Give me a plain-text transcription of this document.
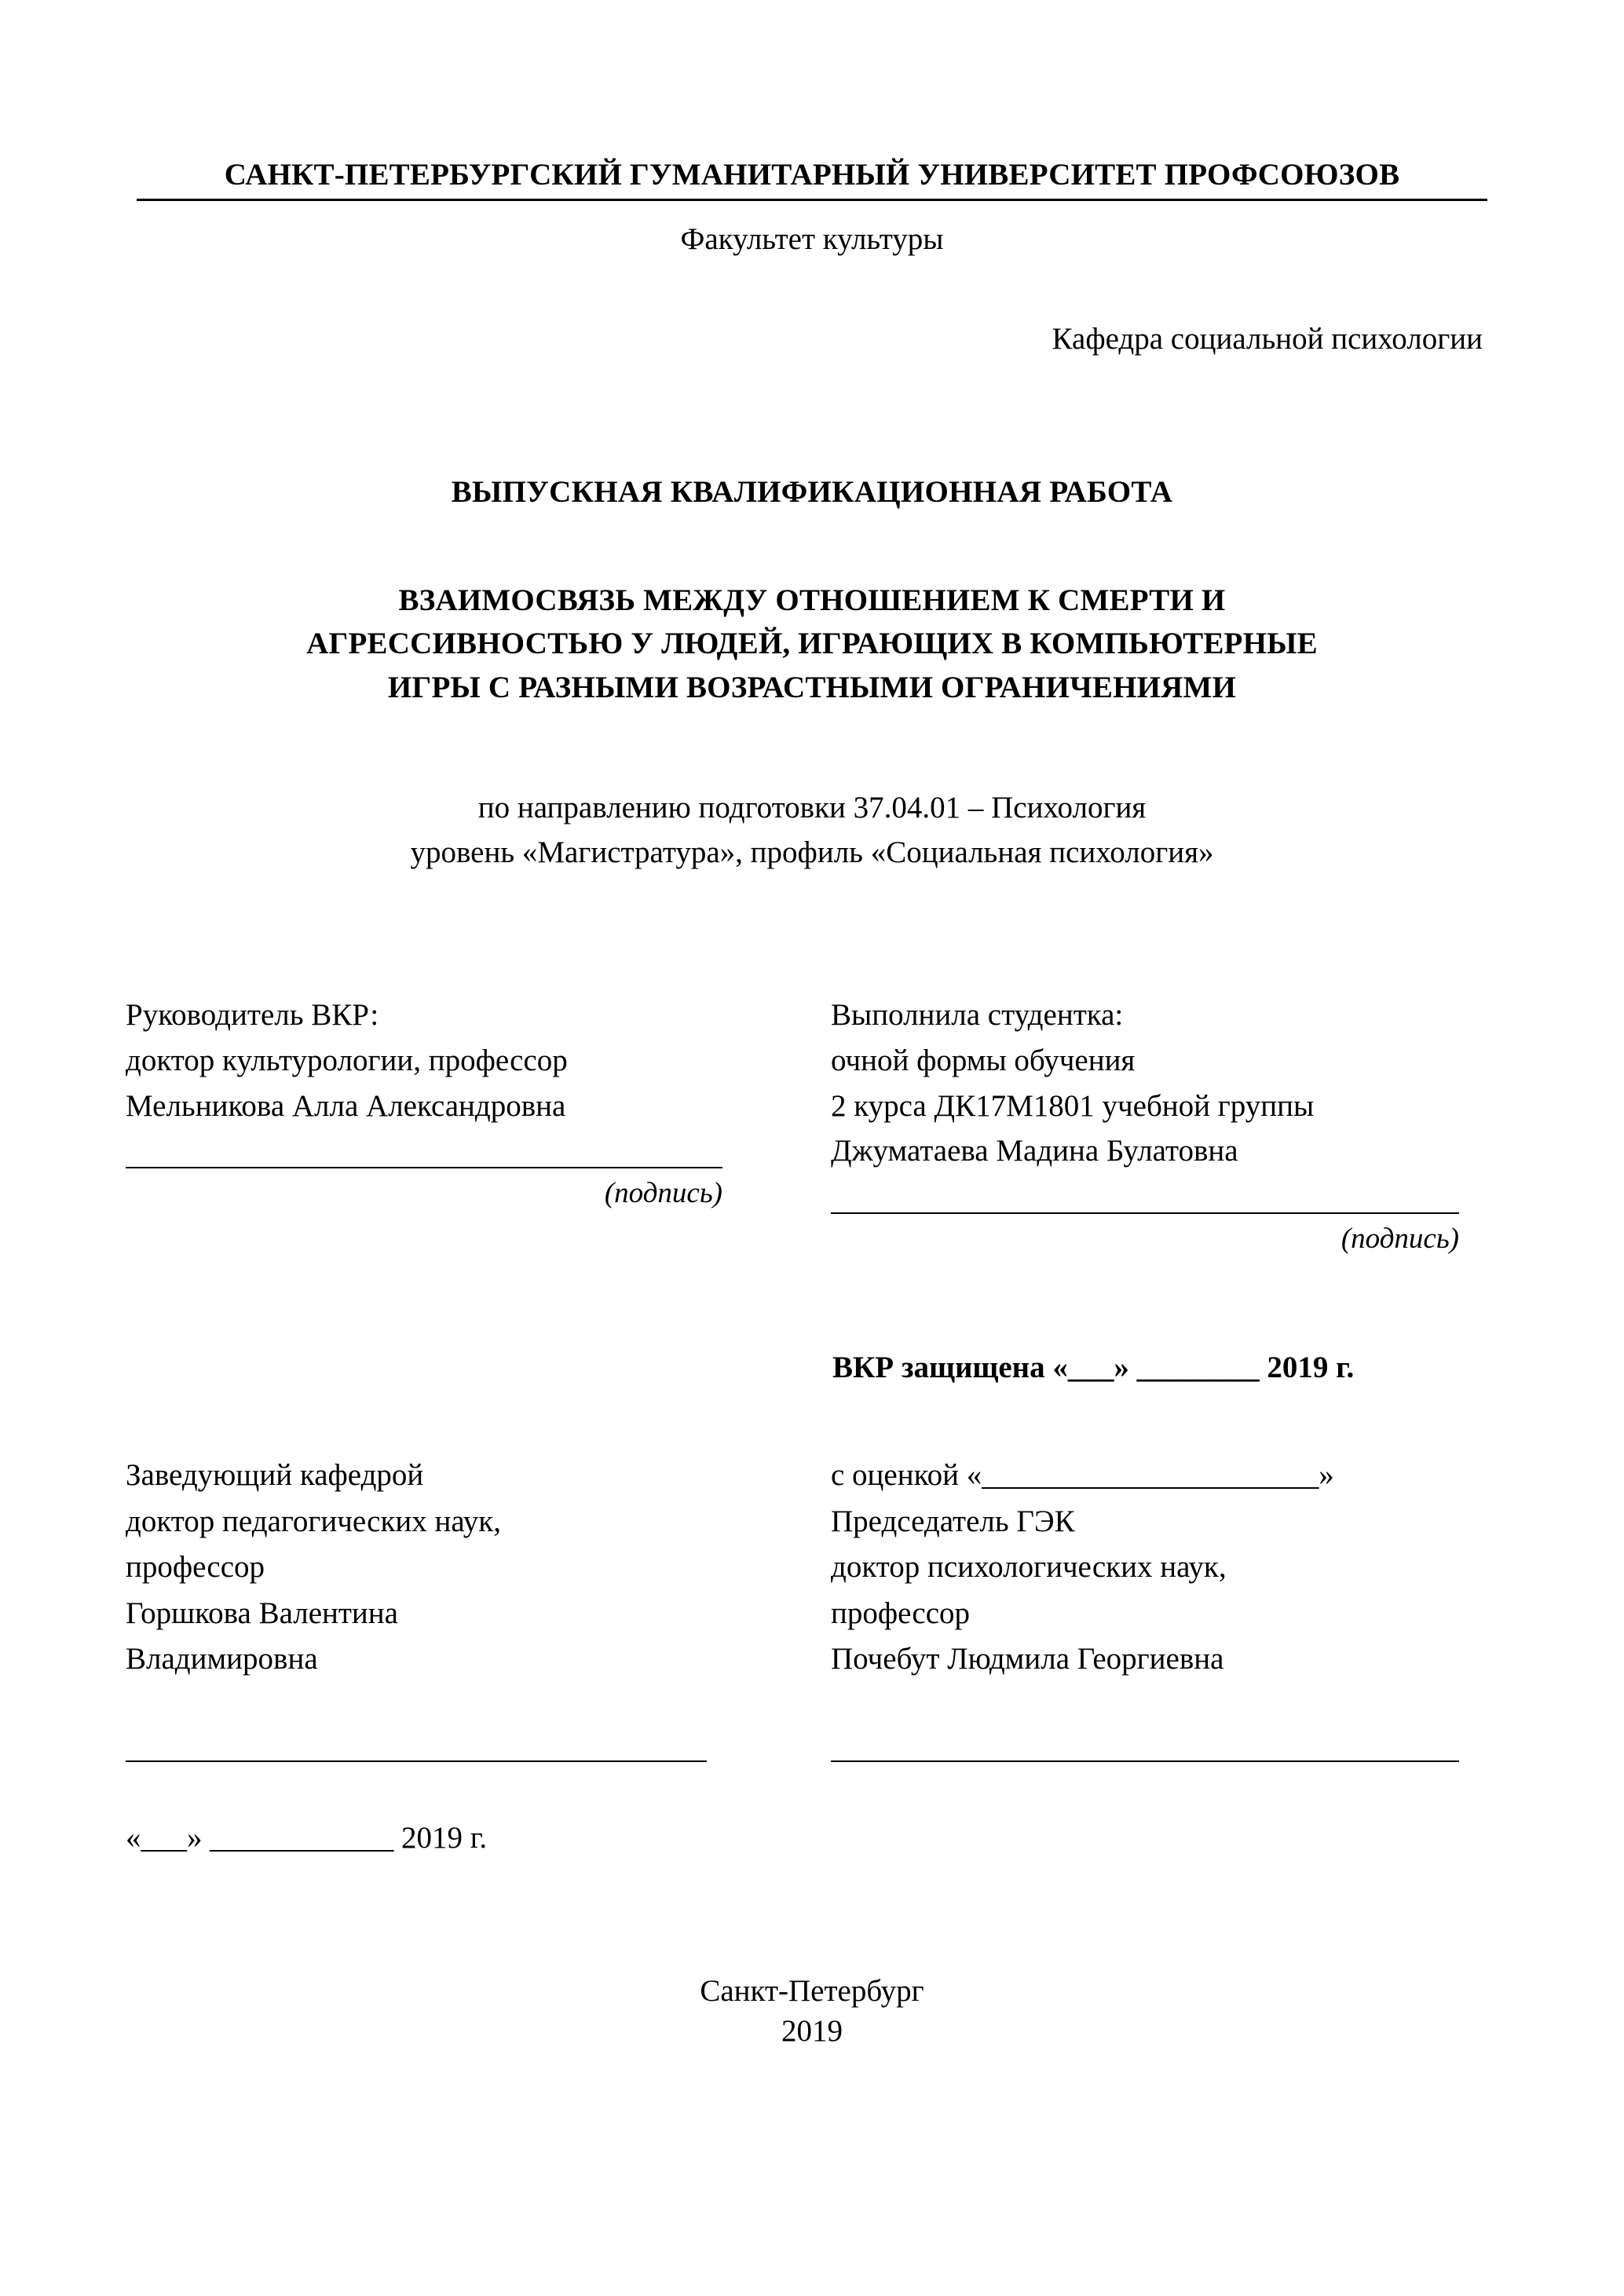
САНКТ-ПЕТЕРБУРГСКИЙ ГУМАНИТАРНЫЙ УНИВЕРСИТЕТ ПРОФСОЮЗОВ
Факультет культуры
Кафедра социальной психологии
ВЫПУСКНАЯ КВАЛИФИКАЦИОННАЯ РАБОТА
ВЗАИМОСВЯЗЬ МЕЖДУ ОТНОШЕНИЕМ К СМЕРТИ И
АГРЕССИВНОСТЬЮ У ЛЮДЕЙ, ИГРАЮЩИХ В КОМПЬЮТЕРНЫЕ
ИГРЫ С РАЗНЫМИ ВОЗРАСТНЫМИ ОГРАНИЧЕНИЯМИ
по направлению подготовки 37.04.01 – Психология
уровень «Магистратура», профиль «Социальная психология»
Руководитель ВКР:
доктор культурологии, профессор
Мельникова Алла Александровна
(подпись)
Выполнила студентка:
очной формы обучения
2 курса ДК17М1801 учебной группы
Джуматаева Мадина Булатовна
(подпись)
ВКР защищена «___» ________ 2019 г.
Заведующий кафедрой
доктор педагогических наук,
профессор
Горшкова Валентина
Владимировна
с оценкой «______________________»
Председатель ГЭК
доктор психологических наук,
профессор
Почебут Людмила Георгиевна
«___» ____________ 2019 г.
Санкт-Петербург
2019
